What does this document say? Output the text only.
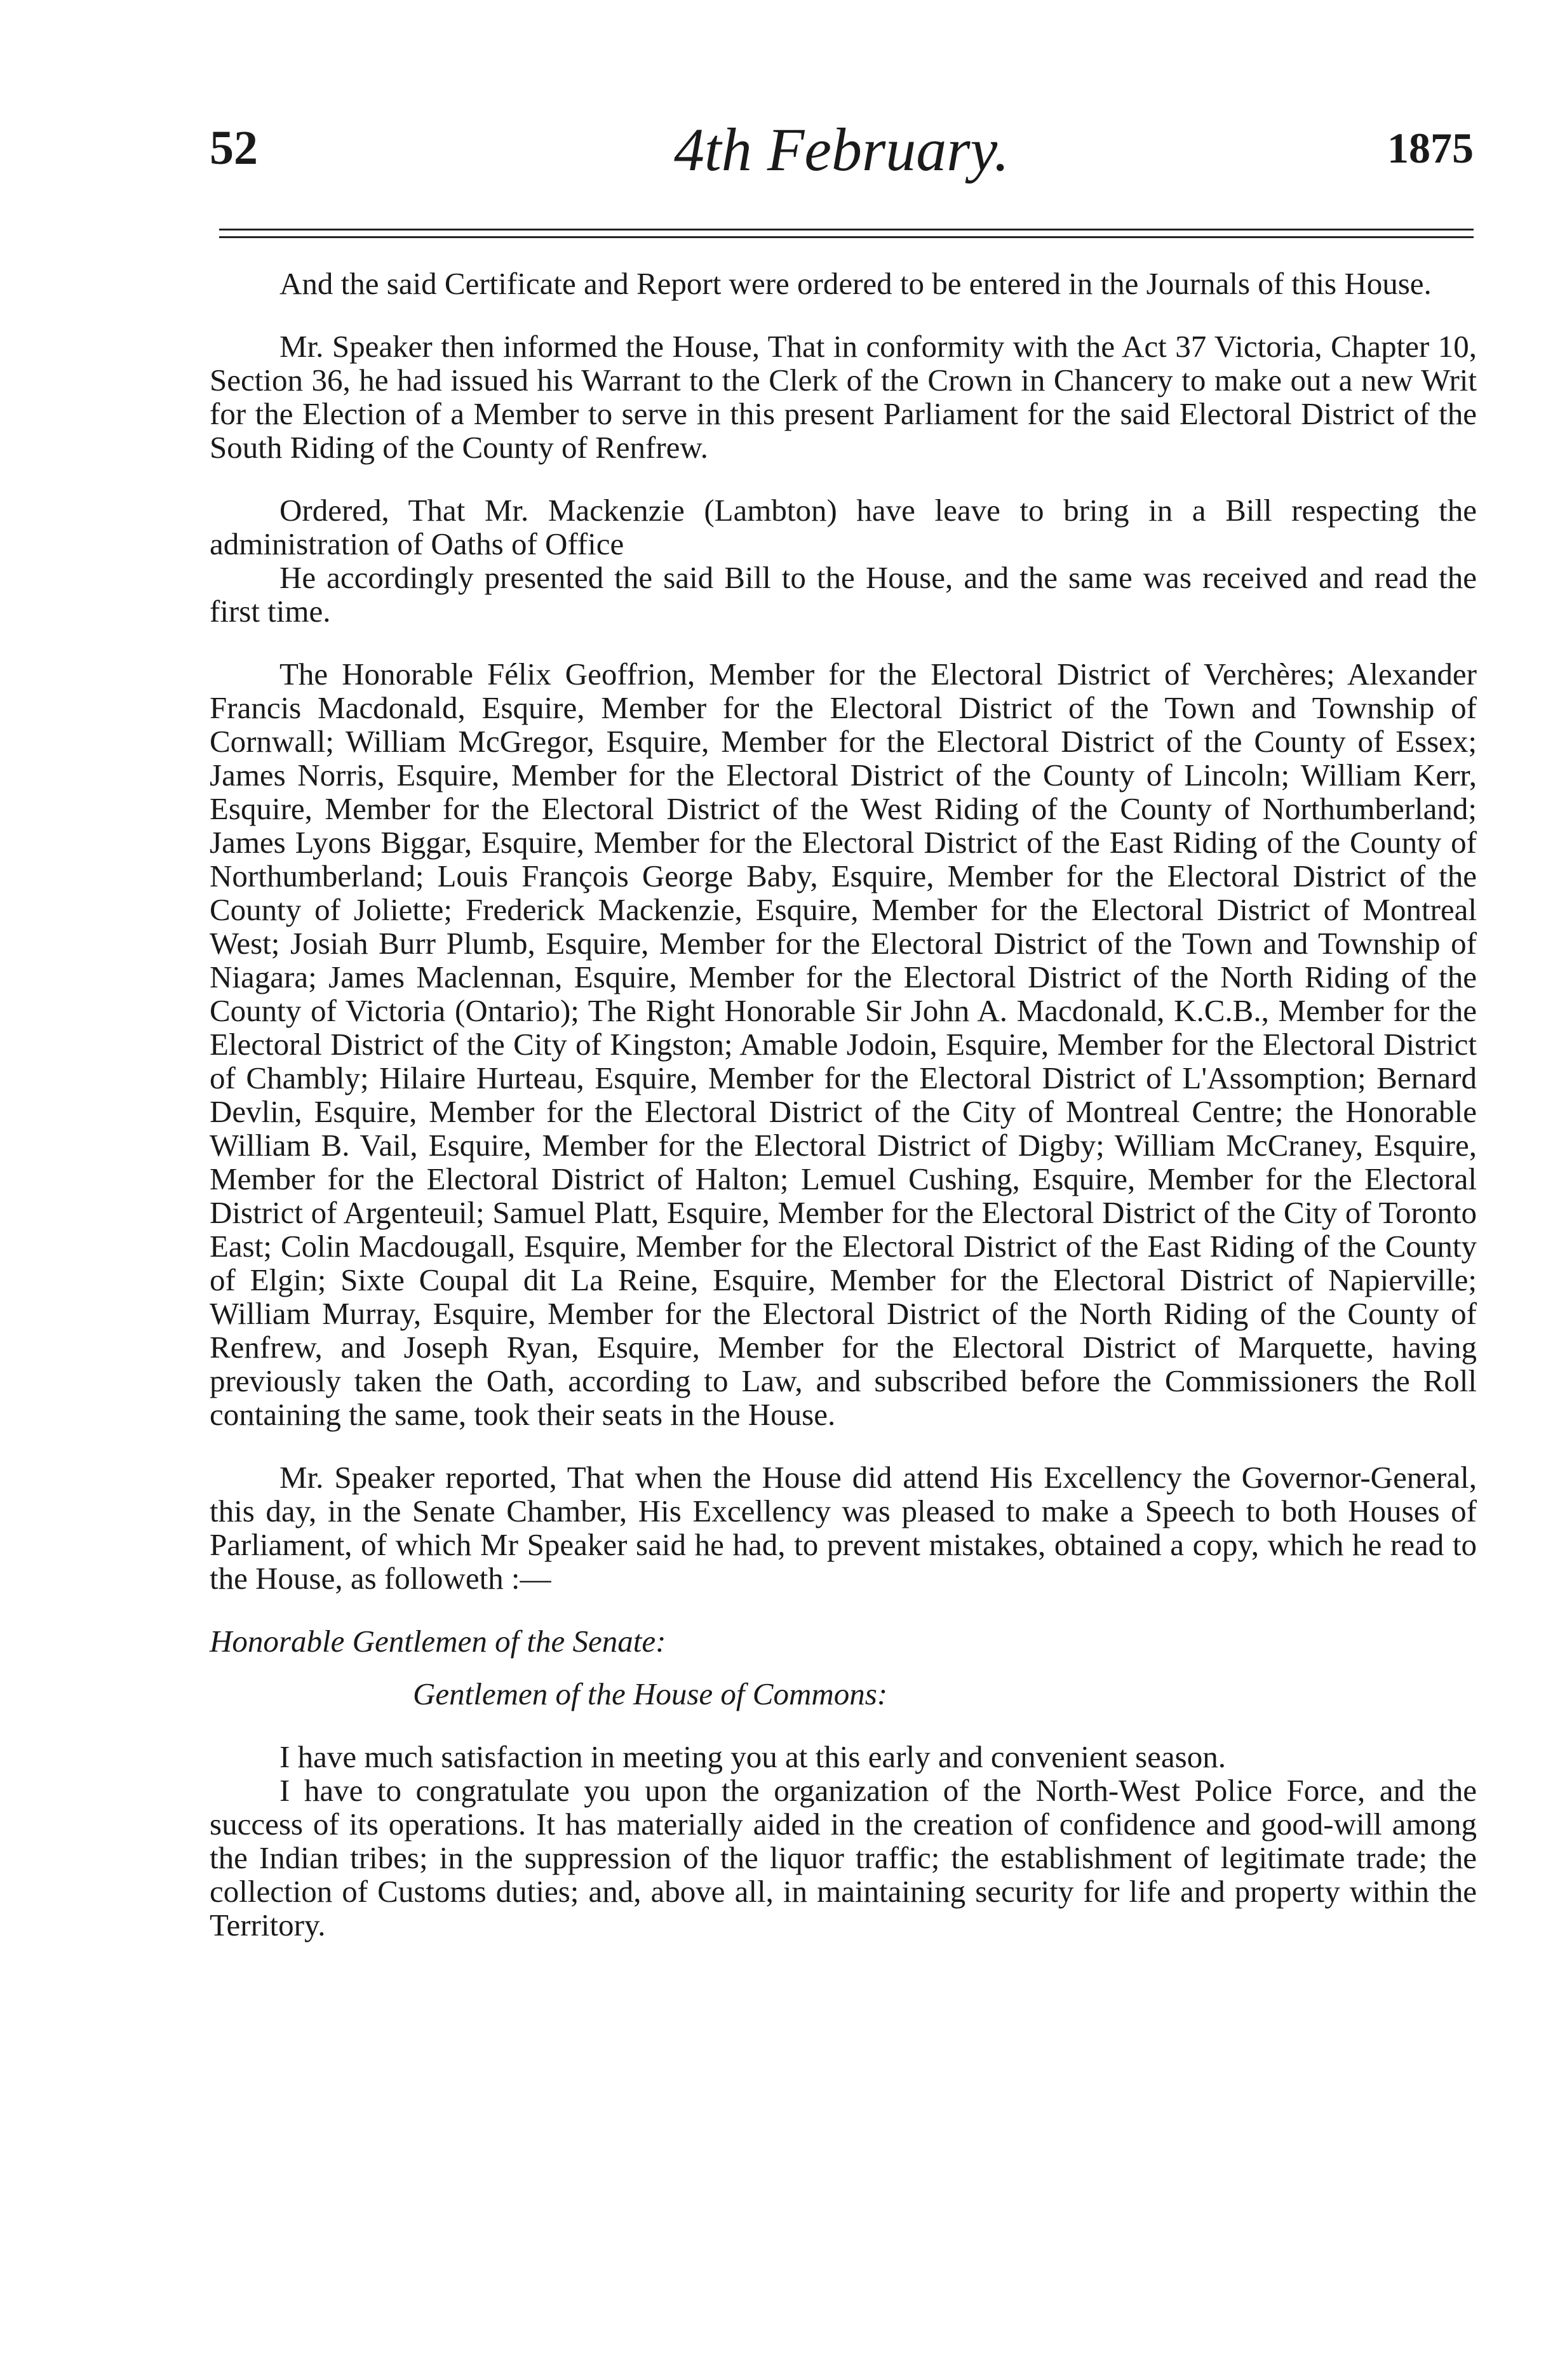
52	4th February.	1875

And the said Certificate and Report were ordered to be entered in the Journals of this House.

Mr. Speaker then informed the House, That in conformity with the Act 37 Victoria, Chapter 10, Section 36, he had issued his Warrant to the Clerk of the Crown in Chancery to make out a new Writ for the Election of a Member to serve in this present Parliament for the said Electoral District of the South Riding of the County of Renfrew.

Ordered, That Mr. Mackenzie (Lambton) have leave to bring in a Bill respecting the administration of Oaths of Office

He accordingly presented the said Bill to the House, and the same was received and read the first time.

The Honorable Félix Geoffrion, Member for the Electoral District of Verchères; Alexander Francis Macdonald, Esquire, Member for the Electoral District of the Town and Township of Cornwall; William McGregor, Esquire, Member for the Electoral District of the County of Essex; James Norris, Esquire, Member for the Electoral District of the County of Lincoln; William Kerr, Esquire, Member for the Electoral District of the West Riding of the County of Northumberland; James Lyons Biggar, Esquire, Member for the Electoral District of the East Riding of the County of Northumberland; Louis François George Baby, Esquire, Member for the Electoral District of the County of Joliette; Frederick Mackenzie, Esquire, Member for the Electoral District of Montreal West; Josiah Burr Plumb, Esquire, Member for the Electoral District of the Town and Township of Niagara; James Maclennan, Esquire, Member for the Electoral District of the North Riding of the County of Victoria (Ontario); The Right Honorable Sir John A. Macdonald, K.C.B., Member for the Electoral District of the City of Kingston; Amable Jodoin, Esquire, Member for the Electoral District of Chambly; Hilaire Hurteau, Esquire, Member for the Electoral District of L'Assomption; Bernard Devlin, Esquire, Member for the Electoral District of the City of Montreal Centre; the Honorable William B. Vail, Esquire, Member for the Electoral District of Digby; William McCraney, Esquire, Member for the Electoral District of Halton; Lemuel Cushing, Esquire, Member for the Electoral District of Argenteuil; Samuel Platt, Esquire, Member for the Electoral District of the City of Toronto East; Colin Macdougall, Esquire, Member for the Electoral District of the East Riding of the County of Elgin; Sixte Coupal dit La Reine, Esquire, Member for the Electoral District of Napierville; William Murray, Esquire, Member for the Electoral District of the North Riding of the County of Renfrew, and Joseph Ryan, Esquire, Member for the Electoral District of Marquette, having previously taken the Oath, according to Law, and subscribed before the Commissioners the Roll containing the same, took their seats in the House.

Mr. Speaker reported, That when the House did attend His Excellency the Governor-General, this day, in the Senate Chamber, His Excellency was pleased to make a Speech to both Houses of Parliament, of which Mr Speaker said he had, to prevent mistakes, obtained a copy, which he read to the House, as followeth :—

Honorable Gentlemen of the Senate:

Gentlemen of the House of Commons:

I have much satisfaction in meeting you at this early and convenient season.

I have to congratulate you upon the organization of the North-West Police Force, and the success of its operations. It has materially aided in the creation of confidence and good-will among the Indian tribes; in the suppression of the liquor traffic; the establishment of legitimate trade; the collection of Customs duties; and, above all, in maintaining security for life and property within the Territory.
